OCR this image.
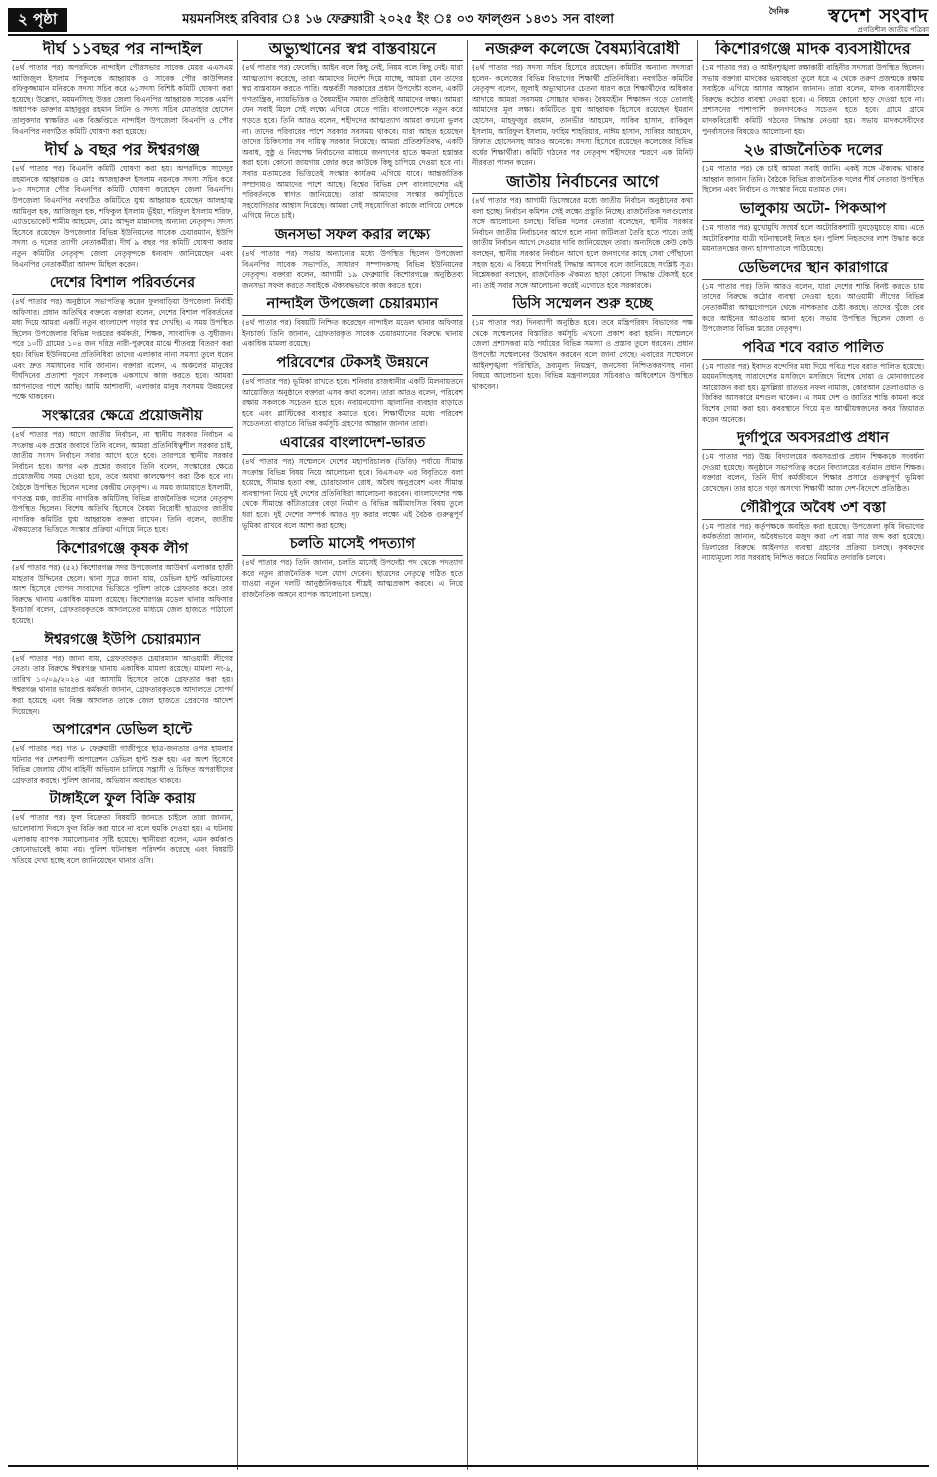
২ পৃষ্ঠা	ময়মনসিংহ রবিবার ঃ ১৬ ফেব্রুয়ারী ২০২৫ ইং ঃ ০৩ ফাল্গুন ১৪৩১ সন বাংলা	দৈনিক	স্বদেশ সংবাদ
প্রগতিশীল জাতীয় পত্রিকা
দীর্ঘ ১১বছর পর নান্দাইল

(৪র্থ পাতার পর) অপরদিকে নান্দাইল পৌরসভার সাবেক মেয়র এএসএম আজিজুল ইসলাম পিকুলকে আহ্বায়ক ও সাবেক পৌর কাউন্সিলর রফিকুজ্জামান মনিরকে সদস্য সচিব করে ৬১সদস্য বিশিষ্ট কমিটি ঘোষণা করা হয়েছে। উল্লেখ্য, ময়মনসিংহ উত্তর জেলা বিএনপির আহ্বায়ক সাবেক এমপি অধ্যাপক ডাক্তার মাহাবুবুর রহমান লিটন ও সদস্য সচিব মোতাহার হোসেন তালুকদার স্বাক্ষরিত এক বিজ্ঞপ্তিতে নান্দাইল উপজেলা বিএনপি ও পৌর বিএনপির নবগঠিত কমিটি ঘোষণা করা হয়েছে।

দীর্ঘ ৯ বছর পর ঈশ্বরগঞ্জ

(৪র্থ পাতার পর) বিএনপি কমিটি ঘোষণা করা হয়। অপরদিকে সাদেদুর রহমানকে আহ্বায়ক ও মোঃ আজহারুল ইসলাম নয়নকে সদস্য সচিব করে ৮৩ সদস্যের পৌর বিএনপির কমিটি ঘোষণা করেছেন জেলা বিএনপি। উপজেলা বিএনপির নবগঠিত কমিটিতে যুগ্ম আহ্বায়ক হয়েছেন আলহাজ্ব আমিনুল হক, আজিজুল হক, শফিকুল ইসলাম ভুঁইয়া, শরিফুল ইসলাম শরিফ, এ্যাডভোকেট শামীম আহমেদ, মোঃ আব্দুল মান্নানসহ অন্যান্য নেতৃবৃন্দ। সদস্য হিসেবে রয়েছেন উপজেলার বিভিন্ন ইউনিয়নের সাবেক চেয়ারম্যান, ইউপি সদস্য ও দলের ত্যাগী নেতাকর্মীরা। দীর্ঘ ৯ বছর পর কমিটি ঘোষণা করায় নতুন কমিটির নেতৃবৃন্দ জেলা নেতৃবৃন্দকে ধন্যবাদ জানিয়েছেন এবং বিএনপির নেতাকর্মীরা আনন্দ মিছিল করেন।

দেশের বিশাল পরিবর্তনের

(৪র্থ পাতার পর) অনুষ্ঠানে সভাপতিত্ব করেন ফুলবাড়িয়া উপজেলা নির্বাহী অফিসার। প্রধান অতিথির বক্তব্যে বক্তারা বলেন, দেশের বিশাল পরিবর্তনের মধ্য দিয়ে আমরা একটি নতুন বাংলাদেশ গড়ার স্বপ্ন দেখছি। এ সময় উপস্থিত ছিলেন উপজেলার বিভিন্ন দপ্তরের কর্মকর্তা, শিক্ষক, সাংবাদিক ও সুধীজন। পরে ১০টি গ্রামের ১০৪ জন দরিদ্র নারী-পুরুষের মাঝে শীতবস্ত্র বিতরণ করা হয়। বিভিন্ন ইউনিয়নের প্রতিনিধিরা তাদের এলাকার নানা সমস্যা তুলে ধরেন এবং দ্রুত সমাধানের দাবি জানান। বক্তারা বলেন, এ অঞ্চলের মানুষের দীর্ঘদিনের প্রত্যাশা পূরণে সকলকে একসাথে কাজ করতে হবে। আমরা আপনাদের পাশে আছি। আমি আশাবাদী, এলাকার মানুষ সবসময় উন্নয়নের পক্ষে থাকবেন।

সংস্কারের ক্ষেত্রে প্রয়োজনীয়

(৪র্থ পাতার পর) আগে জাতীয় নির্বাচন, না স্থানীয় সরকার নির্বাচন এ সংক্রান্ত এক প্রশ্নের জবাবে তিনি বলেন, আমরা প্রতিনিধিত্বশীল সরকার চাই, জাতীয় সংসদ নির্বাচন সবার আগে হতে হবে। তারপরে স্থানীয় সরকার নির্বাচন হবে। অপর এক প্রশ্নের জবাবে তিনি বলেন, সংস্কারের ক্ষেত্রে প্রয়োজনীয় সময় দেওয়া হবে, তবে অযথা কালক্ষেপণ করা ঠিক হবে না। বৈঠকে উপস্থিত ছিলেন দলের কেন্দ্রীয় নেতৃবৃন্দ। এ সময় জামায়াতে ইসলামী, গণতন্ত্র মঞ্চ, জাতীয় নাগরিক কমিটিসহ বিভিন্ন রাজনৈতিক দলের নেতৃবৃন্দ উপস্থিত ছিলেন। বিশেষ অতিথি হিসেবে বৈষম্য বিরোধী ছাত্রদের জাতীয় নাগরিক কমিটির যুগ্ম আহ্বায়ক বক্তব্য রাখেন। তিনি বলেন, জাতীয় ঐকমত্যের ভিত্তিতে সংস্কার প্রক্রিয়া এগিয়ে নিতে হবে।

কিশোরগঞ্জে কৃষক লীগ

(৪র্থ পাতার পর) (৫২) কিশোরগঞ্জ সদর উপজেলার আউবর্গ এলাকার হাজী মাহতাব উদ্দিনের ছেলে। থানা সূত্রে জানা যায়, ডেভিল হান্ট অভিযানের অংশ হিসেবে গোপন সংবাদের ভিত্তিতে পুলিশ তাকে গ্রেফতার করে। তার বিরুদ্ধে থানায় একাধিক মামলা রয়েছে। কিশোরগঞ্জ মডেল থানার অফিসার ইনচার্জ বলেন, গ্রেফতারকৃতকে আদালতের মাধ্যমে জেল হাজতে পাঠানো হয়েছে।

ঈশ্বরগঞ্জে ইউপি চেয়ারম্যান

(৪র্থ পাতার পর) জানা যায়, গ্রেফতারকৃত চেয়ারম্যান আওয়ামী লীগের নেতা। তার বিরুদ্ধে ঈশ্বরগঞ্জ থানায় একাধিক মামলা রয়েছে। মামলা নং-৯, তারিখ ১০/০৯/২০২৪ এর আসামি হিসেবে তাকে গ্রেফতার করা হয়। ঈশ্বরগঞ্জ থানার ভারপ্রাপ্ত কর্মকর্তা জানান, গ্রেফতারকৃতকে আদালতে সোপর্দ করা হয়েছে এবং বিজ্ঞ আদালত তাকে জেল হাজতে প্রেরণের আদেশ দিয়েছেন।

অপারেশন ডেভিল হান্টে

(৪র্থ পাতার পর) গত ৮ ফেব্রুয়ারী গাজীপুরে ছাত্র-জনতার ওপর হামলার ঘটনার পর দেশব্যাপী অপারেশন ডেভিল হান্ট শুরু হয়। এর অংশ হিসেবে বিভিন্ন জেলায় যৌথ বাহিনী অভিযান চালিয়ে সন্ত্রাসী ও চিহ্নিত অপরাধীদের গ্রেফতার করছে। পুলিশ জানায়, অভিযান অব্যাহত থাকবে।

টাঙ্গাইলে ফুল বিক্রি করায়

(৪র্থ পাতার পর) ফুল বিক্রেতা বিষয়টি জানতে চাইলে তারা জানান, ভালোবাসা দিবসে ফুল বিক্রি করা যাবে না বলে হুমকি দেওয়া হয়। এ ঘটনায় এলাকায় ব্যাপক সমালোচনার সৃষ্টি হয়েছে। স্থানীয়রা বলেন, এমন কর্মকাণ্ড কোনোভাবেই কাম্য নয়। পুলিশ ঘটনাস্থল পরিদর্শন করেছে এবং বিষয়টি খতিয়ে দেখা হচ্ছে বলে জানিয়েছেন থানার ওসি।

অভ্যুত্থানের স্বপ্ন বাস্তবায়নে

(৪র্থ পাতার পর) ফেলেছি। আইন বলে কিছু নেই, নিয়ম বলে কিছু নেই। যারা আত্মত্যাগ করেছে, তারা আমাদের নির্দেশ দিয়ে যাচ্ছে, আমরা যেন তাদের স্বপ্ন বাস্তবায়ন করতে পারি। অন্তর্বর্তী সরকারের প্রধান উপদেষ্টা বলেন, একটি গণতান্ত্রিক, ন্যায়ভিত্তিক ও বৈষম্যহীন সমাজ প্রতিষ্ঠাই আমাদের লক্ষ্য। আমরা যেন সবাই মিলে সেই লক্ষ্যে এগিয়ে যেতে পারি। বাংলাদেশকে নতুন করে গড়তে হবে। তিনি আরও বলেন, শহীদদের আত্মত্যাগ আমরা কখনো ভুলব না। তাদের পরিবারের পাশে সরকার সবসময় থাকবে। যারা আহত হয়েছেন তাদের চিকিৎসার সব দায়িত্ব সরকার নিয়েছে। আমরা প্রতিশ্রুতিবদ্ধ, একটি অবাধ, সুষ্ঠু ও নিরপেক্ষ নির্বাচনের মাধ্যমে জনগণের হাতে ক্ষমতা হস্তান্তর করা হবে। কোনো জায়গায় জোর করে কাউকে কিছু চাপিয়ে দেওয়া হবে না। সবার মতামতের ভিত্তিতেই সংস্কার কার্যক্রম এগিয়ে যাবে। আন্তর্জাতিক সম্প্রদায়ও আমাদের পাশে আছে। বিশ্বের বিভিন্ন দেশ বাংলাদেশের এই পরিবর্তনকে স্বাগত জানিয়েছে। তারা আমাদের সংস্কার কর্মসূচিতে সহযোগিতার আশ্বাস দিয়েছে। আমরা সেই সহযোগিতা কাজে লাগিয়ে দেশকে এগিয়ে নিতে চাই।

জনসভা সফল করার লক্ষ্যে

(৪র্থ পাতার পর) সভায় অন্যান্যের মধ্যে উপস্থিত ছিলেন উপজেলা বিএনপির সাবেক সভাপতি, সাধারণ সম্পাদকসহ বিভিন্ন ইউনিয়নের নেতৃবৃন্দ। বক্তারা বলেন, আগামী ১৯ ফেব্রুয়ারি কিশোরগঞ্জে অনুষ্ঠিতব্য জনসভা সফল করতে সবাইকে ঐক্যবদ্ধভাবে কাজ করতে হবে।

নান্দাইল উপজেলা চেয়ারম্যান

(৪র্থ পাতার পর) বিষয়টি নিশ্চিত করেছেন নান্দাইল মডেল থানার অফিসার ইনচার্জ। তিনি জানান, গ্রেফতারকৃত সাবেক চেয়ারম্যানের বিরুদ্ধে থানায় একাধিক মামলা রয়েছে।

পরিবেশের টেকসই উন্নয়নে

(৪র্থ পাতার পর) ভূমিকা রাখতে হবে। শনিবার রাজধানীর একটি মিলনায়তনে আয়োজিত অনুষ্ঠানে বক্তারা এসব কথা বলেন। তারা আরও বলেন, পরিবেশ রক্ষায় সকলকে সচেতন হতে হবে। নবায়নযোগ্য জ্বালানির ব্যবহার বাড়াতে হবে এবং প্লাস্টিকের ব্যবহার কমাতে হবে। শিক্ষার্থীদের মধ্যে পরিবেশ সচেতনতা বাড়াতে বিভিন্ন কর্মসূচি গ্রহণের আহ্বান জানান তারা।

এবারের বাংলাদেশ-ভারত

(৪র্থ পাতার পর) সম্মেলনে দেশের মহাপরিচালক (ডিজি) পর্যায়ে সীমান্ত সংক্রান্ত বিভিন্ন বিষয় নিয়ে আলোচনা হবে। বিএসএফ এর বিবৃতিতে বলা হয়েছে, সীমান্ত হত্যা বন্ধ, চোরাচালান রোধ, অবৈধ অনুপ্রবেশ এবং সীমান্ত ব্যবস্থাপনা নিয়ে দুই দেশের প্রতিনিধিরা আলোচনা করবেন। বাংলাদেশের পক্ষ থেকে সীমান্তে কাঁটাতারের বেড়া নির্মাণ ও বিভিন্ন অমীমাংসিত বিষয় তুলে ধরা হবে। দুই দেশের সম্পর্ক আরও দৃঢ় করার লক্ষ্যে এই বৈঠক গুরুত্বপূর্ণ ভূমিকা রাখবে বলে আশা করা হচ্ছে।

চলতি মাসেই পদত্যাগ

(৪র্থ পাতার পর) তিনি জানান, চলতি মাসেই উপদেষ্টা পদ থেকে পদত্যাগ করে নতুন রাজনৈতিক দলে যোগ দেবেন। ছাত্রদের নেতৃত্বে গঠিত হতে যাওয়া নতুন দলটি আনুষ্ঠানিকভাবে শীঘ্রই আত্মপ্রকাশ করবে। এ নিয়ে রাজনৈতিক অঙ্গনে ব্যাপক আলোচনা চলছে।

নজরুল কলেজে বৈষম্যবিরোধী

(৪র্থ পাতার পর) সদস্য সচিব হিসেবে রয়েছেন। কমিটির অন্যান্য সদস্যরা হলেন- কলেজের বিভিন্ন বিভাগের শিক্ষার্থী প্রতিনিধিরা। নবগঠিত কমিটির নেতৃবৃন্দ বলেন, জুলাই অভ্যুত্থানের চেতনা ধারণ করে শিক্ষার্থীদের অধিকার আদায়ে আমরা সবসময় সোচ্চার থাকব। বৈষম্যহীন শিক্ষাঙ্গন গড়ে তোলাই আমাদের মূল লক্ষ্য। কমিটিতে যুগ্ম আহ্বায়ক হিসেবে রয়েছেন ইমরান হোসেন, মাহফুজুর রহমান, তানভীর আহমেদ, সাকিব হাসান, রাকিবুল ইসলাম, আরিফুল ইসলাম, ফাহিম শাহরিয়ার, নাঈম হাসান, সাব্বির আহমেদ, রিফাত হোসেনসহ আরও অনেকে। সদস্য হিসেবে রয়েছেন কলেজের বিভিন্ন বর্ষের শিক্ষার্থীরা। কমিটি গঠনের পর নেতৃবৃন্দ শহীদদের স্মরণে এক মিনিট নীরবতা পালন করেন।

জাতীয় নির্বাচনের আগে

(৪র্থ পাতার পর) আগামী ডিসেম্বরের মধ্যে জাতীয় নির্বাচন অনুষ্ঠানের কথা বলা হচ্ছে। নির্বাচন কমিশন সেই লক্ষ্যে প্রস্তুতি নিচ্ছে। রাজনৈতিক দলগুলোর সঙ্গে আলোচনা চলছে। বিভিন্ন দলের নেতারা বলেছেন, স্থানীয় সরকার নির্বাচন জাতীয় নির্বাচনের আগে হলে নানা জটিলতা তৈরি হতে পারে। তাই জাতীয় নির্বাচন আগে দেওয়ার দাবি জানিয়েছেন তারা। অন্যদিকে কেউ কেউ বলছেন, স্থানীয় সরকার নির্বাচন আগে হলে জনগণের কাছে সেবা পৌঁছানো সহজ হবে। এ বিষয়ে শিগগিরই সিদ্ধান্ত আসবে বলে জানিয়েছে সংশ্লিষ্ট সূত্র। বিশ্লেষকরা বলছেন, রাজনৈতিক ঐকমত্য ছাড়া কোনো সিদ্ধান্ত টেকসই হবে না। তাই সবার সঙ্গে আলোচনা করেই এগোতে হবে সরকারকে।

ডিসি সম্মেলন শুরু হচ্ছে

(১ম পাতার পর) দিনব্যাপী অনুষ্ঠিত হবে। তবে মন্ত্রিপরিষদ বিভাগের পক্ষ থেকে সম্মেলনের বিস্তারিত কর্মসূচি এখনো প্রকাশ করা হয়নি। সম্মেলনে জেলা প্রশাসকরা মাঠ পর্যায়ের বিভিন্ন সমস্যা ও প্রস্তাব তুলে ধরবেন। প্রধান উপদেষ্টা সম্মেলনের উদ্বোধন করবেন বলে জানা গেছে। এবারের সম্মেলনে আইনশৃঙ্খলা পরিস্থিতি, দ্রব্যমূল্য নিয়ন্ত্রণ, জনসেবা নিশ্চিতকরণসহ নানা বিষয়ে আলোচনা হবে। বিভিন্ন মন্ত্রণালয়ের সচিবরাও অধিবেশনে উপস্থিত থাকবেন।

কিশোরগঞ্জে মাদক ব্যবসায়ীদের

(১ম পাতার পর) ও আইনশৃঙ্খলা রক্ষাকারী বাহিনীর সদস্যরা উপস্থিত ছিলেন। সভায় বক্তারা মাদকের ভয়াবহতা তুলে ধরে এ থেকে তরুণ প্রজন্মকে রক্ষায় সবাইকে এগিয়ে আসার আহ্বান জানান। তারা বলেন, মাদক ব্যবসায়ীদের বিরুদ্ধে কঠোর ব্যবস্থা নেওয়া হবে। এ বিষয়ে কোনো ছাড় দেওয়া হবে না। প্রশাসনের পাশাপাশি জনগণকেও সচেতন হতে হবে। গ্রামে গ্রামে মাদকবিরোধী কমিটি গঠনের সিদ্ধান্ত নেওয়া হয়। সভায় মাদকসেবীদের পুনর্বাসনের বিষয়েও আলোচনা হয়।

২৬ রাজনৈতিক দলের

(১ম পাতার পর) কে চাই আমরা সবাই জানি। একই সঙ্গে ঐক্যবদ্ধ থাকার আহ্বান জানান তিনি। বৈঠকে বিভিন্ন রাজনৈতিক দলের শীর্ষ নেতারা উপস্থিত ছিলেন এবং নির্বাচন ও সংস্কার নিয়ে মতামত দেন।

ভালুকায় অটো- পিকআপ

(১ম পাতার পর) মুখোমুখি সংঘর্ষ হলে অটোরিকশাটি দুমড়েমুচড়ে যায়। এতে অটোরিকশার যাত্রী ঘটনাস্থলেই নিহত হন। পুলিশ নিহতদের লাশ উদ্ধার করে ময়নাতদন্তের জন্য হাসপাতালে পাঠিয়েছে।

ডেভিলদের স্থান কারাগারে

(১ম পাতার পর) তিনি আরও বলেন, যারা দেশের শান্তি বিনষ্ট করতে চায় তাদের বিরুদ্ধে কঠোর ব্যবস্থা নেওয়া হবে। আওয়ামী লীগের বিভিন্ন নেতাকর্মীরা আত্মগোপনে থেকে নাশকতার চেষ্টা করছে। তাদের খুঁজে বের করে আইনের আওতায় আনা হবে। সভায় উপস্থিত ছিলেন জেলা ও উপজেলার বিভিন্ন স্তরের নেতৃবৃন্দ।

পবিত্র শবে বরাত পালিত

(১ম পাতার পর) ইবাদত বন্দেগির মধ্য দিয়ে পবিত্র শবে বরাত পালিত হয়েছে। ময়মনসিংহসহ সারাদেশের মসজিদে মসজিদে বিশেষ দোয়া ও মোনাজাতের আয়োজন করা হয়। মুসল্লিরা রাতভর নফল নামাজ, কোরআন তেলাওয়াত ও জিকির আসকারে মশগুল থাকেন। এ সময় দেশ ও জাতির শান্তি কামনা করে বিশেষ দোয়া করা হয়। কবরস্থানে গিয়ে মৃত আত্মীয়স্বজনের কবর জিয়ারত করেন অনেকে।

দুর্গাপুরে অবসরপ্রাপ্ত প্রধান

(১ম পাতার পর) উচ্চ বিদ্যালয়ের অবসরপ্রাপ্ত প্রধান শিক্ষককে সংবর্ধনা দেওয়া হয়েছে। অনুষ্ঠানে সভাপতিত্ব করেন বিদ্যালয়ের বর্তমান প্রধান শিক্ষক। বক্তারা বলেন, তিনি দীর্ঘ কর্মজীবনে শিক্ষার প্রসারে গুরুত্বপূর্ণ ভূমিকা রেখেছেন। তার হাতে গড়া অসংখ্য শিক্ষার্থী আজ দেশ-বিদেশে প্রতিষ্ঠিত।

গৌরীপুরে অবৈধ ৩শ বস্তা

(১ম পাতার পর) কর্তৃপক্ষকে অবহিত করা হয়েছে। উপজেলা কৃষি বিভাগের কর্মকর্তারা জানান, অবৈধভাবে মজুদ করা ৩শ বস্তা সার জব্দ করা হয়েছে। ডিলারের বিরুদ্ধে আইনগত ব্যবস্থা গ্রহণের প্রক্রিয়া চলছে। কৃষকদের ন্যায্যমূল্যে সার সরবরাহ নিশ্চিত করতে নিয়মিত তদারকি চলবে।
